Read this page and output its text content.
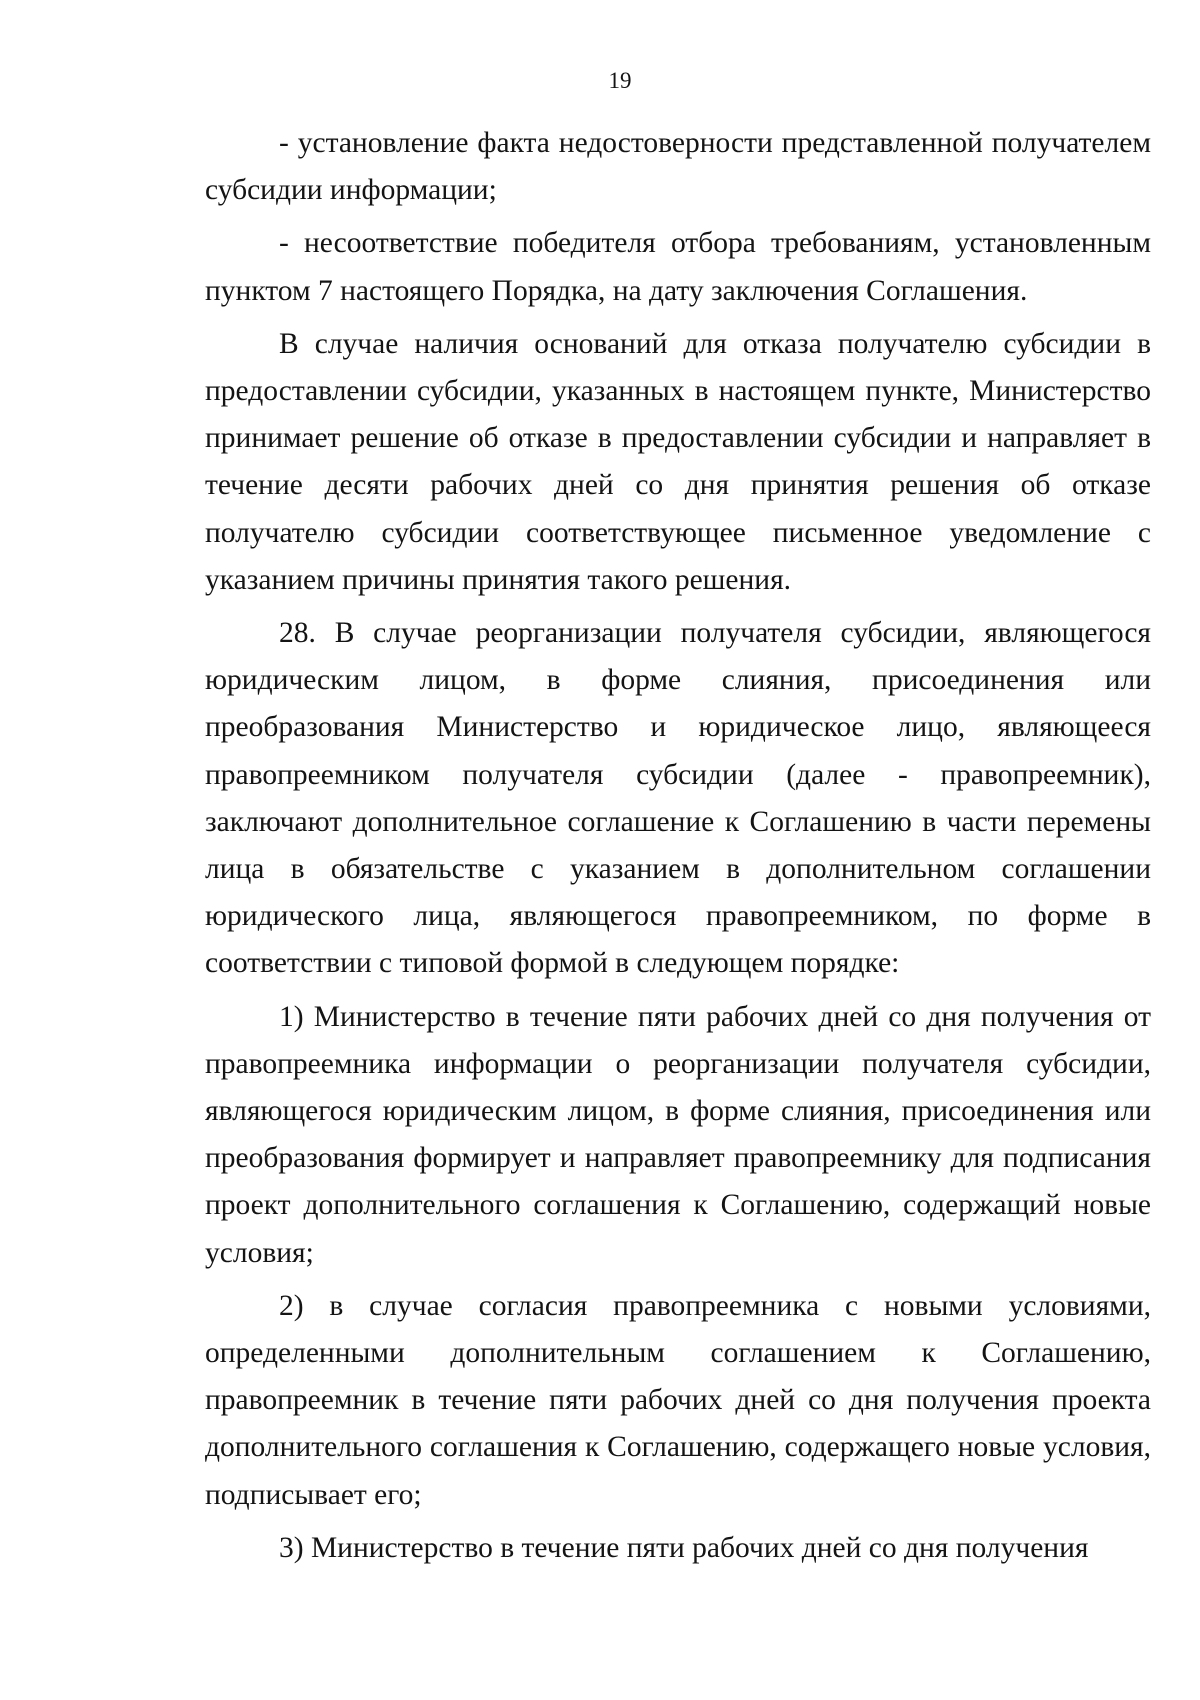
19

- установление факта недостоверности представленной получателем субсидии информации;

- несоответствие победителя отбора требованиям, установленным пунктом 7 настоящего Порядка, на дату заключения Соглашения.

В случае наличия оснований для отказа получателю субсидии в предоставлении субсидии, указанных в настоящем пункте, Министерство принимает решение об отказе в предоставлении субсидии и направляет в течение десяти рабочих дней со дня принятия решения об отказе получателю субсидии соответствующее письменное уведомление с указанием причины принятия такого решения.

28. В случае реорганизации получателя субсидии, являющегося юридическим лицом, в форме слияния, присоединения или преобразования Министерство и юридическое лицо, являющееся правопреемником получателя субсидии (далее - правопреемник), заключают дополнительное соглашение к Соглашению в части перемены лица в обязательстве с указанием в дополнительном соглашении юридического лица, являющегося правопреемником, по форме в соответствии с типовой формой в следующем порядке:

1) Министерство в течение пяти рабочих дней со дня получения от правопреемника информации о реорганизации получателя субсидии, являющегося юридическим лицом, в форме слияния, присоединения или преобразования формирует и направляет правопреемнику для подписания проект дополнительного соглашения к Соглашению, содержащий новые условия;

2) в случае согласия правопреемника с новыми условиями, определенными дополнительным соглашением к Соглашению, правопреемник в течение пяти рабочих дней со дня получения проекта дополнительного соглашения к Соглашению, содержащего новые условия, подписывает его;

3) Министерство в течение пяти рабочих дней со дня получения
